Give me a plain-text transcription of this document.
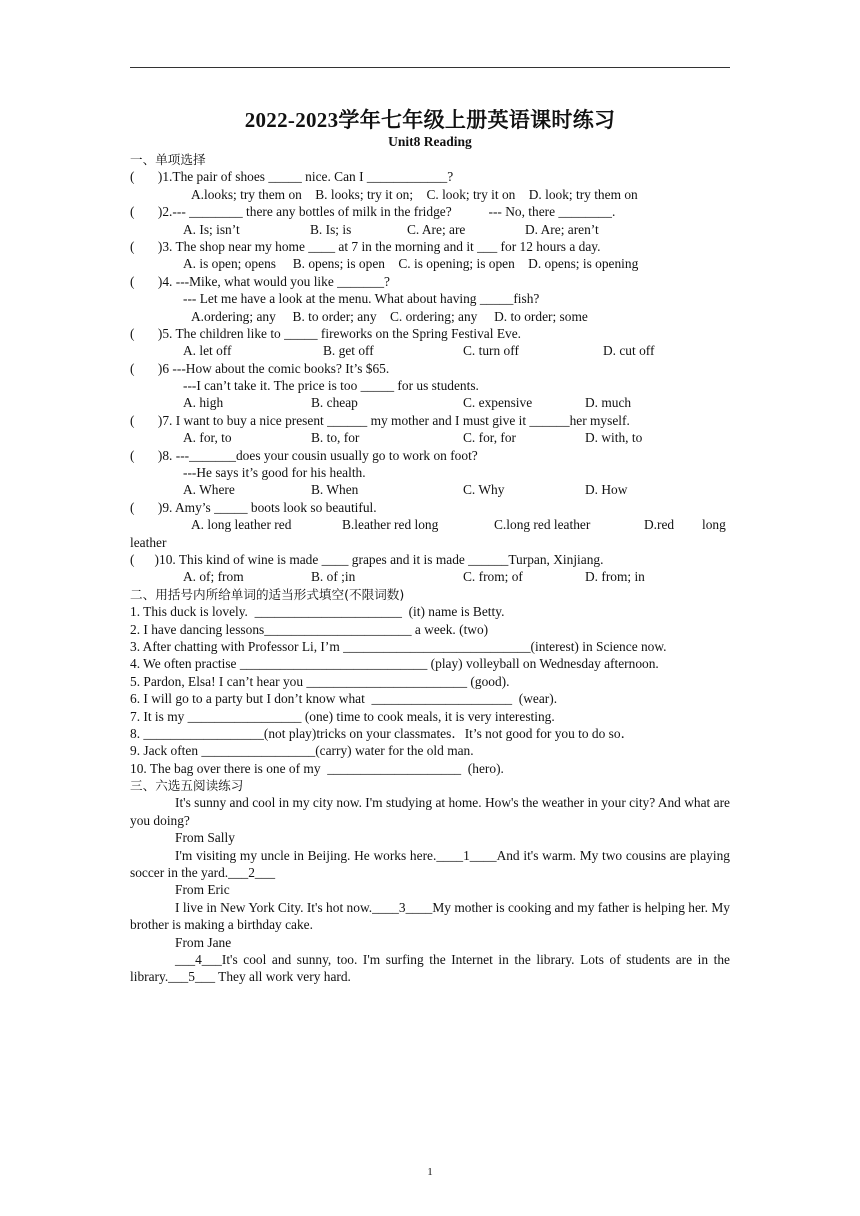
2022-2023学年七年级上册英语课时练习
Unit8 Reading
一、单项选择
(       )1.The pair of shoes _____ nice. Can I ____________?
A.looks; try them on    B. looks; try it on;    C. look; try it on    D. look; try them on
(       )2.--- ________ there any bottles of milk in the fridge?           --- No, there ________.
A. Is; isn’t	B. Is; is	C. Are; are	D. Are; aren’t
(       )3. The shop near my home ____ at 7 in the morning and it ___ for 12 hours a day.
A. is open; opens     B. opens; is open    C. is opening; is open    D. opens; is opening
(       )4. ---Mike, what would you like _______?
--- Let me have a look at the menu. What about having _____fish?
A.ordering; any     B. to order; any    C. ordering; any     D. to order; some
(       )5. The children like to _____ fireworks on the Spring Festival Eve.
A. let off	B. get off	C. turn off	D. cut off
(       )6 ---How about the comic books? It’s $65.
---I can’t take it. The price is too _____ for us students.
A. high	B. cheap	C. expensive	D. much
(       )7. I want to buy a nice present ______ my mother and I must give it ______her myself.
A. for, to	B. to, for	C. for, for	D. with, to
(       )8. ---_______does your cousin usually go to work on foot?
---He says it’s good for his health.
A. Where	B. When	C. Why	D. How
(       )9. Amy’s _____ boots look so beautiful.
A. long leather red	B.leather red long	C.long red leather	D.red long
leather
(      )10. This kind of wine is made ____ grapes and it is made ______Turpan, Xinjiang.
A. of; from	B. of ;in	C. from; of	D. from; in
二、用括号内所给单词的适当形式填空(不限词数)
1. This duck is lovely.  ______________________  (it) name is Betty.
2. I have dancing lessons______________________ a week. (two)
3. After chatting with Professor Li, I’m ____________________________(interest) in Science now.
4. We often practise ____________________________ (play) volleyball on Wednesday afternoon.
5. Pardon, Elsa! I can’t hear you ________________________ (good).
6. I will go to a party but I don’t know what  _____________________  (wear).
7. It is my _________________ (one) time to cook meals, it is very interesting.
8. __________________(not play)tricks on your classmates．It’s not good for you to do so．
9. Jack often _________________(carry) water for the old man.
10. The bag over there is one of my  ____________________  (hero).
三、六选五阅读练习
It's sunny and cool in my city now. I'm studying at home. How's the weather in your city? And what are you doing?
From Sally
I'm visiting my uncle in Beijing. He works here.____1____And it's warm. My two cousins are playing soccer in the yard.___2___
From Eric
I live in New York City. It's hot now.____3____My mother is cooking and my father is helping her. My brother is making a birthday cake.
From Jane
___4___It's cool and sunny, too. I'm surfing the Internet in the library. Lots of students are in the library.___5___ They all work very hard.
1
